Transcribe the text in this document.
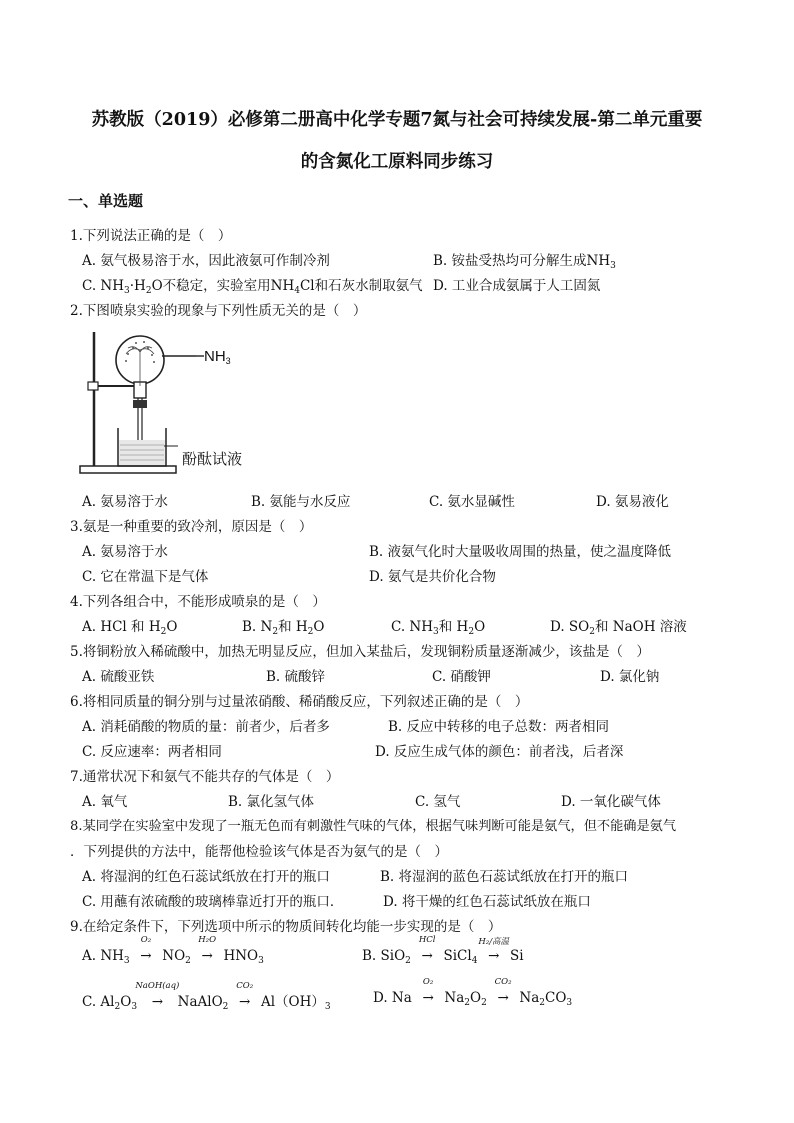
苏教版（2019）必修第二册高中化学专题7氮与社会可持续发展-第二单元重要
的含氮化工原料同步练习
一、单选题
1.下列说法正确的是（　）
A. 氨气极易溶于水，因此液氨可作制冷剂	B. 铵盐受热均可分解生成$NH_3$
C. $NH_3\cdot H_2O$不稳定，实验室用$NH_4Cl$和石灰水制取氨气 D. 工业合成氨属于人工固氮
2.下图喷泉实验的现象与下列性质无关的是（　）
$NH_3$
酚酞试液
A. 氨易溶于水	B. 氨能与水反应	C. 氨水显碱性	D. 氨易液化
3.氨是一种重要的致冷剂，原因是（　）
A. 氨易溶于水	B. 液氨气化时大量吸收周围的热量，使之温度降低
C. 它在常温下是气体	D. 氨气是共价化合物
4.下列各组合中，不能形成喷泉的是（　）
A. HCl 和 $H_2O$	B. $N_2$和 $H_2O$	C. $NH_3$和 $H_2O$	D. $SO_2$和 NaOH 溶液
5.将铜粉放入稀硫酸中，加热无明显反应，但加入某盐后，发现铜粉质量逐渐减少，该盐是（　）
A. 硫酸亚铁	B. 硫酸锌	C. 硝酸钾	D. 氯化钠
6.将相同质量的铜分别与过量浓硝酸、稀硝酸反应，下列叙述正确的是（　）
A. 消耗硝酸的物质的量：前者少，后者多	B. 反应中转移的电子总数：两者相同
C. 反应速率：两者相同	D. 反应生成气体的颜色：前者浅，后者深
7.通常状况下和氨气不能共存的气体是（　）
A. 氧气	B. 氯化氢气体	C. 氢气	D. 一氧化碳气体
8.某同学在实验室中发现了一瓶无色而有刺激性气味的气体，根据气味判断可能是氨气，但不能确是氨气
．下列提供的方法中，能帮他检验该气体是否为氨气的是（　）
A. 将湿润的红色石蕊试纸放在打开的瓶口	B. 将湿润的蓝色石蕊试纸放在打开的瓶口
C. 用蘸有浓硫酸的玻璃棒靠近打开的瓶口．	D. 将干燥的红色石蕊试纸放在瓶口
9.在给定条件下，下列选项中所示的物质间转化均能一步实现的是（　）
A. $NH_3$
O₂
→ $NO_2$
H₂O
→ $HNO_3$	B. SiO$_2$
HCl
→ SiCl$_4$
H₂/高温
→ Si
C. $Al_2O_3$
NaOH(aq)
→ NaAlO$_2$
CO₂
→ $Al(OH)_3$
D. Na
O₂
→ $Na_2O_2$
CO₂
→ $Na_2CO_3$
